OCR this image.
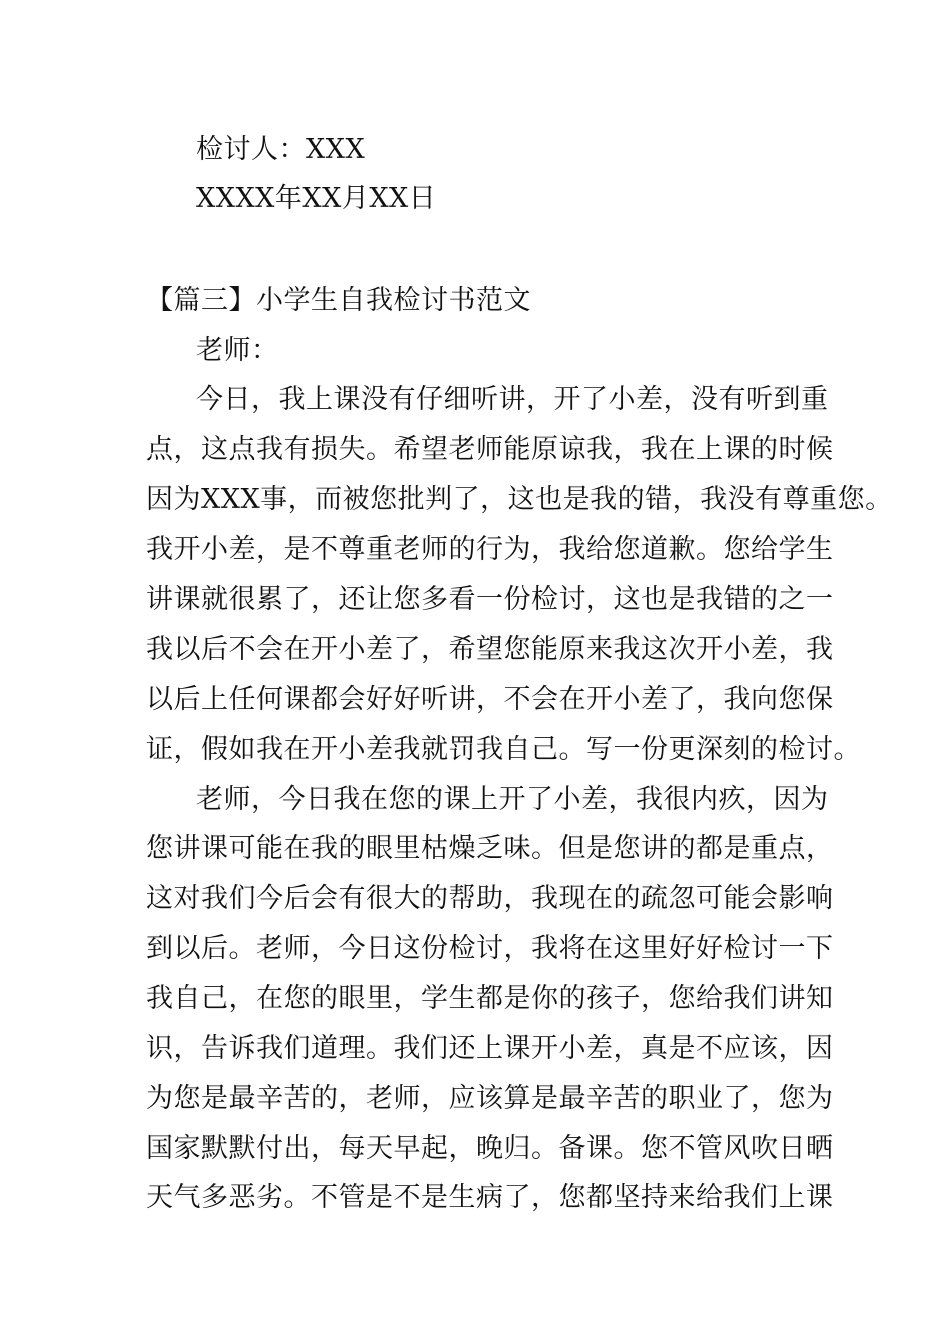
检讨人：XXX
XXXX年XX月XX日
【篇三】小学生自我检讨书范文
老师：
今日，我上课没有仔细听讲，开了小差，没有听到重
点，这点我有损失。希望老师能原谅我，我在上课的时候
因为XXX事，而被您批判了，这也是我的错，我没有尊重您。
我开小差，是不尊重老师的行为，我给您道歉。您给学生
讲课就很累了，还让您多看一份检讨，这也是我错的之一
我以后不会在开小差了，希望您能原来我这次开小差，我
以后上任何课都会好好听讲，不会在开小差了，我向您保
证，假如我在开小差我就罚我自己。写一份更深刻的检讨。
老师，今日我在您的课上开了小差，我很内疚，因为
您讲课可能在我的眼里枯燥乏味。但是您讲的都是重点，
这对我们今后会有很大的帮助，我现在的疏忽可能会影响
到以后。老师，今日这份检讨，我将在这里好好检讨一下
我自己，在您的眼里，学生都是你的孩子，您给我们讲知
识，告诉我们道理。我们还上课开小差，真是不应该，因
为您是最辛苦的，老师，应该算是最辛苦的职业了，您为
国家默默付出，每天早起，晚归。备课。您不管风吹日晒
天气多恶劣。不管是不是生病了，您都坚持来给我们上课
